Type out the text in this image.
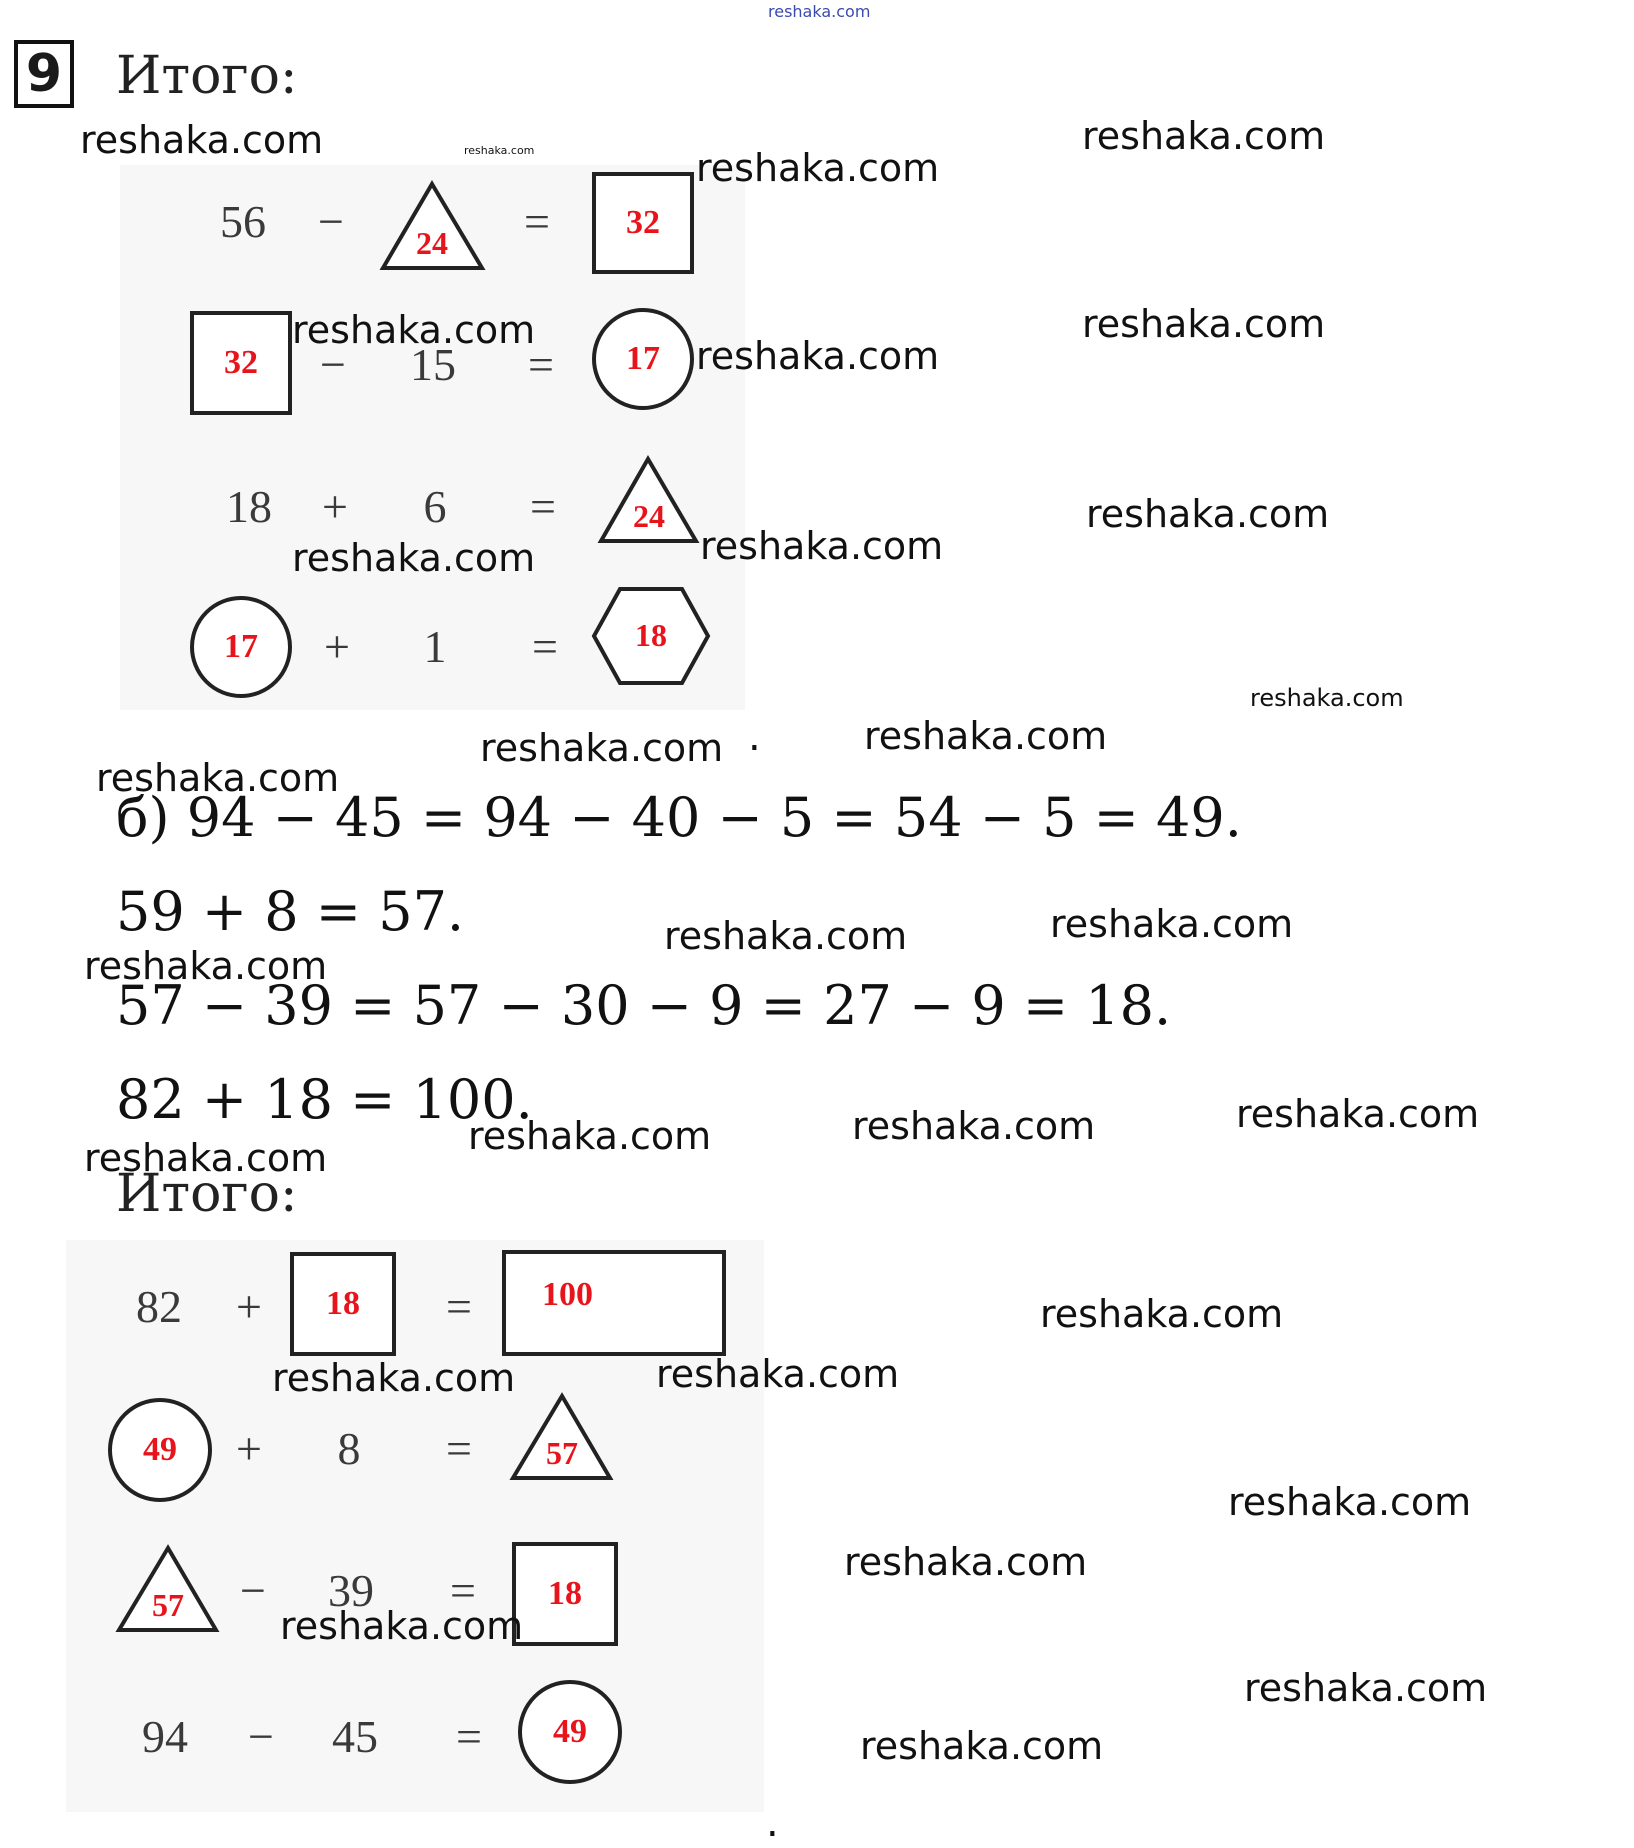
reshaka.com
9 Итого:
56	−	24	=	32
32	−	15	=	17
18	+	6	=	24
17	+	1	=	18
б) 94 − 45 = 94 − 40 − 5 = 54 − 5 = 49.
59 + 8 = 57.
57 − 39 = 57 − 30 − 9 = 27 − 9 = 18.
82 + 18 = 100.
Итого:
82	+	18	=	100
49	+	8	=	57
57	−	39	=	18
94	−	45	=	49
reshaka.com	reshaka.com	reshaka.com
reshaka.com
reshaka.com
reshaka.com
reshaka.com
reshaka.com
reshaka.com	reshaka.com
reshaka.com
reshaka.com .	reshaka.com
reshaka.com
reshaka.com
reshaka.com
reshaka.com
reshaka.com
reshaka.com
reshaka.com
reshaka.com
reshaka.com
reshaka.com	reshaka.com
reshaka.com
reshaka.com
reshaka.com
reshaka.com
reshaka.com
.
